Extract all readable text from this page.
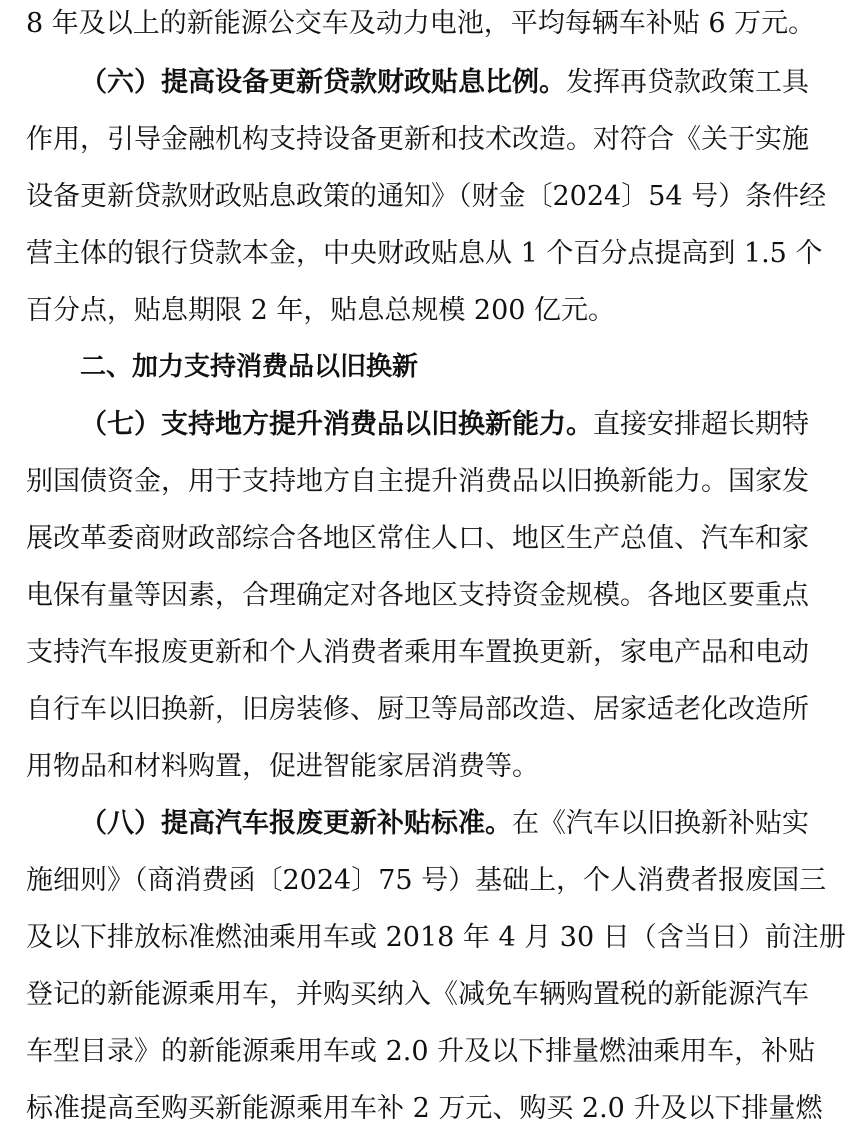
8 年及以上的新能源公交车及动力电池，平均每辆车补贴 6 万元。
（六）提高设备更新贷款财政贴息比例。发挥再贷款政策工具
作用，引导金融机构支持设备更新和技术改造。对符合《关于实施
设备更新贷款财政贴息政策的通知》（财金〔2024〕54 号）条件经
营主体的银行贷款本金，中央财政贴息从 1 个百分点提高到 1.5 个
百分点，贴息期限 2 年，贴息总规模 200 亿元。
二、加力支持消费品以旧换新
（七）支持地方提升消费品以旧换新能力。直接安排超长期特
别国债资金，用于支持地方自主提升消费品以旧换新能力。国家发
展改革委商财政部综合各地区常住人口、地区生产总值、汽车和家
电保有量等因素，合理确定对各地区支持资金规模。各地区要重点
支持汽车报废更新和个人消费者乘用车置换更新，家电产品和电动
自行车以旧换新，旧房装修、厨卫等局部改造、居家适老化改造所
用物品和材料购置，促进智能家居消费等。
（八）提高汽车报废更新补贴标准。在《汽车以旧换新补贴实
施细则》（商消费函〔2024〕75 号）基础上，个人消费者报废国三
及以下排放标准燃油乘用车或 2018 年 4 月 30 日（含当日）前注册
登记的新能源乘用车，并购买纳入《减免车辆购置税的新能源汽车
车型目录》的新能源乘用车或 2.0 升及以下排量燃油乘用车，补贴
标准提高至购买新能源乘用车补 2 万元、购买 2.0 升及以下排量燃
